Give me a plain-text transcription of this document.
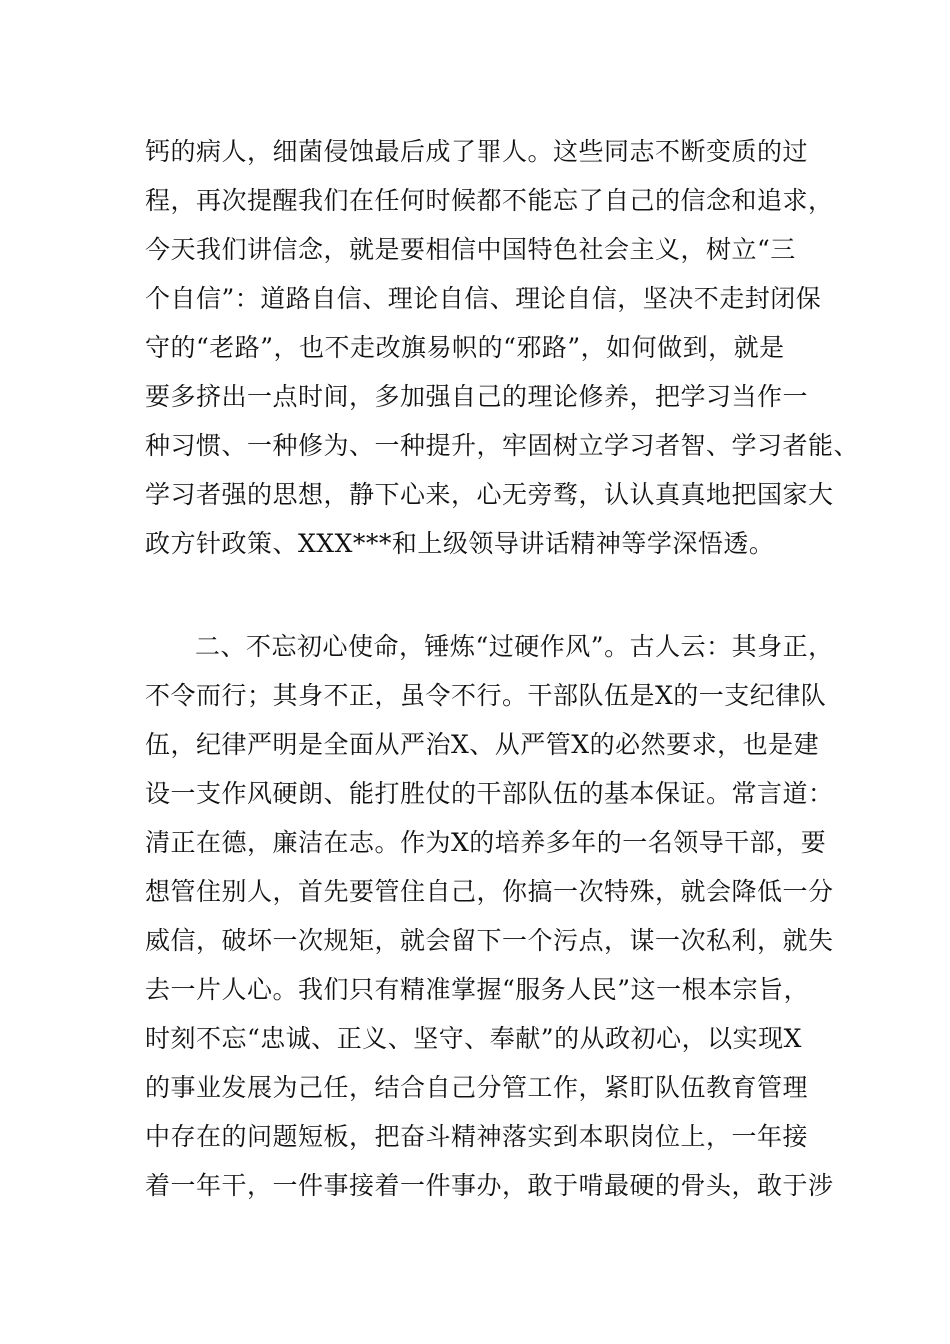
钙的病人，细菌侵蚀最后成了罪人。这些同志不断变质的过
程，再次提醒我们在任何时候都不能忘了自己的信念和追求，
今天我们讲信念，就是要相信中国特色社会主义，树立“三
个自信”：道路自信、理论自信、理论自信，坚决不走封闭保
守的“老路”，也不走改旗易帜的“邪路”，如何做到，就是
要多挤出一点时间，多加强自己的理论修养，把学习当作一
种习惯、一种修为、一种提升，牢固树立学习者智、学习者能、
学习者强的思想，静下心来，心无旁骛，认认真真地把国家大
政方针政策、XXX***和上级领导讲话精神等学深悟透。
二、不忘初心使命，锤炼“过硬作风”。古人云：其身正，
不令而行；其身不正，虽令不行。干部队伍是X的一支纪律队
伍，纪律严明是全面从严治X、从严管X的必然要求，也是建
设一支作风硬朗、能打胜仗的干部队伍的基本保证。常言道：
清正在德，廉洁在志。作为X的培养多年的一名领导干部，要
想管住别人，首先要管住自己，你搞一次特殊，就会降低一分
威信，破坏一次规矩，就会留下一个污点，谋一次私利，就失
去一片人心。我们只有精准掌握“服务人民”这一根本宗旨，
时刻不忘“忠诚、正义、坚守、奉献”的从政初心，以实现X
的事业发展为己任，结合自己分管工作，紧盯队伍教育管理
中存在的问题短板，把奋斗精神落实到本职岗位上，一年接
着一年干，一件事接着一件事办，敢于啃最硬的骨头，敢于涉
